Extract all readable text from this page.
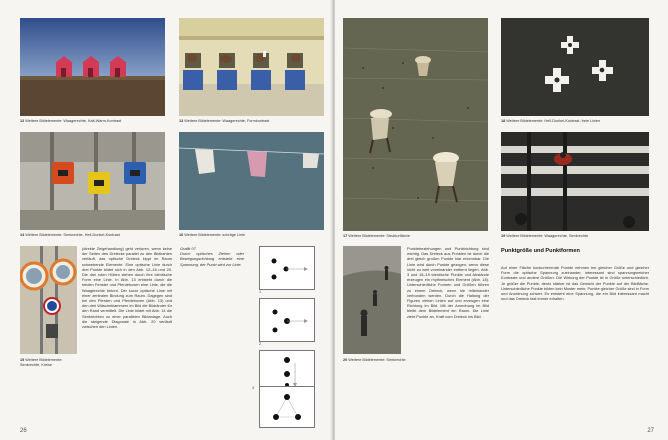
12 Weitere Bildelemente: Waagerechte, Kalt-Warm-Kontrast	13 Weitere Bildelemente: Waagerechte, Formkontrast
14 Weitere Bildelemente: Senkrechte, Hell-Dunkel-Kontrast	16 Weitere Bildelemente: schräge Linie
15 Weitere Bildelemente: Senkrechte, Kreise
(direkte Zeigehandlung) geht verloren, wenn keine der Seiten des Dreiecks parallel zu den Bildkanten verläuft, das optische Dreieck kippt im Raum schwebende Elemente. Eine optische Linie durch drei Punkte bildet sich in den Abb. 12–16 und 20. Die drei roten Hütten ziehen durch ihre identische Form eine Linie. In Abb. 13 entsteht durch die beiden Fenster und Pferdeboxen eine Linie, die die Waagerechte betont. Der kurze optische Linie mit einer zentralen Bindung zum Raum. Dagegen sind bei den Pferden und Pferdeboxen (Abb. 13) und den drei Wäscheklammern im Bild die Bildränder für den Rand vermittelt. Die Linie bildet mit Abb. 14 die Senkrechten zu einer parallelen Bildanlage. Auch die steigende Diagonale in Abb. 20 verläuft zwischen den Linien.
Grafik 07
Durch optisches Ziehen oder Bewegungsrichtung entsteht eine Spannung, der Punkt wird zur Linie.
1
2
4
26
17 Weitere Bildelemente: Strukturfläche
18 Weitere Bildelemente: Hell-Dunkel-Kontrast, freie Linien
19 Weitere Bildelemente: Waagerechte, Senkrechte
20 Weitere Bildelemente: Senkrechte
Punktebeziehungen und Punktrichtung sind wichtig. Das Dreieck aus Punkten ist durch die drei gleich großen Punkte klar erkennbar. Die Linie wird durch Punkte gezogen, wenn diese nicht zu weit voneinander entfernt liegen. Abb. 3 und 18–19 identische Punkte und Abstände erzeugen ein rhythmisches Element (Abb. 18). Unterschiedliche Formen und Größen führen zu einem Dreieck, wenn sie miteinander verbunden werden. Durch die Haltung der Figuren ziehen Linien auf und erzeugen eine Richtung im Bild. Mit der Anordnung im Bild bleibt dem Bildelement ein Raum. Die Linie zieht Punkte an, Kraft vom Dreieck ins Bild.
Punktgröße und Punktformen
Auf einer Fläche konkurrierende Punkte nehmen bei gleicher Größe und gleicher Form die optische Spannung zueinander, interessant sind spannungsreicher Kontraste und andere Größen. Die Wirkung der Punkte ist in Größe unterschiedlich. Je größer die Punkte, desto stärker ist das Gewicht der Punkte auf der Bildfläche. Unterschiedliche Punkte bilden kein Muster mehr, Punkte gleicher Größe sind in Form und Anordnung schwer. Es entsteht eine Spannung, die ein Bild interessant macht und das Dreieck fast immer erhalten.
27
